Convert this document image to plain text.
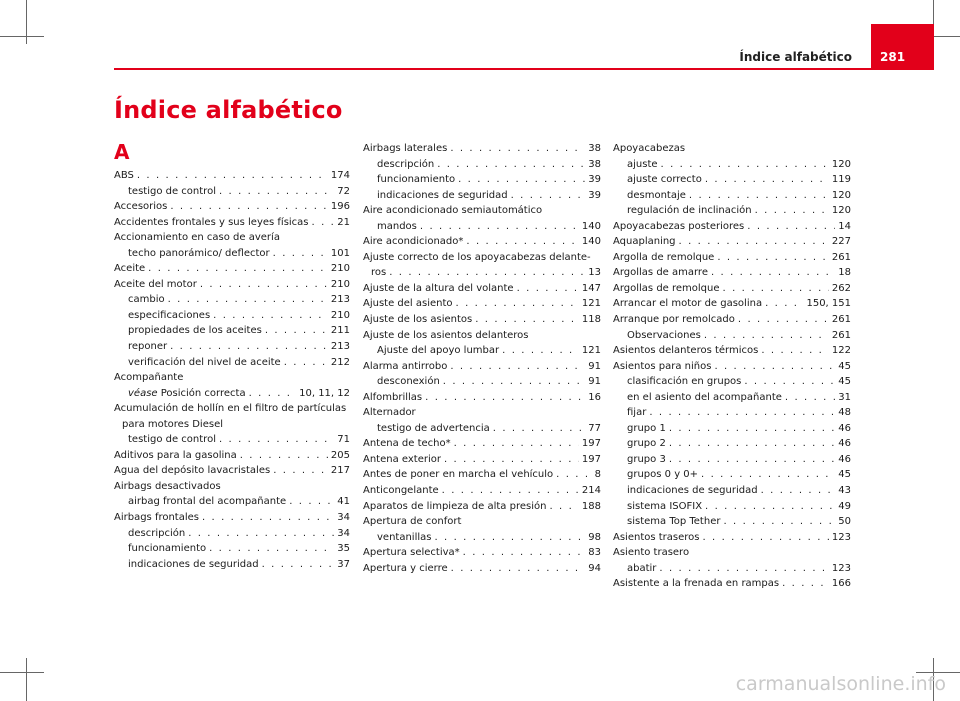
Índice alfabético 281
Índice alfabético
A
ABS . . .	174
testigo de control . . .	72
Accesorios . . .	196
Accidentes frontales y sus leyes físicas . . .	21
Accionamiento en caso de avería
techo panorámico/ deflector . . .	101
Aceite . . .	210
Aceite del motor . . .	210
cambio . . .	213
especificaciones . . .	210
propiedades de los aceites . . .	211
reponer . . .	213
verificación del nivel de aceite . . .	212
Acompañante
véase Posición correcta . . .	10, 11, 12
Acumulación de hollín en el filtro de partículas
para motores Diesel
testigo de control . . .	71
Aditivos para la gasolina . . .	205
Agua del depósito lavacristales . . .	217
Airbags desactivados
airbag frontal del acompañante . . .	41
Airbags frontales . . .	34
descripción . . .	34
funcionamiento . . .	35
indicaciones de seguridad . . .	37
Airbags laterales . . .	38
descripción . . .	38
funcionamiento . . .	39
indicaciones de seguridad . . .	39
Aire acondicionado semiautomático
mandos . . .	140
Aire acondicionado* . . .	140
Ajuste correcto de los apoyacabezas delante-
ros . . .	13
Ajuste de la altura del volante . . .	147
Ajuste del asiento . . .	121
Ajuste de los asientos . . .	118
Ajuste de los asientos delanteros
Ajuste del apoyo lumbar . . .	121
Alarma antirrobo . . .	91
desconexión . . .	91
Alfombrillas . . .	16
Alternador
testigo de advertencia . . .	77
Antena de techo* . . .	197
Antena exterior . . .	197
Antes de poner en marcha el vehículo . . .	8
Anticongelante . . .	214
Aparatos de limpieza de alta presión . . .	188
Apertura de confort
ventanillas . . .	98
Apertura selectiva* . . .	83
Apertura y cierre . . .	94
Apoyacabezas
ajuste . . .	120
ajuste correcto . . .	119
desmontaje . . .	120
regulación de inclinación . . .	120
Apoyacabezas posteriores . . .	14
Aquaplaning . . .	227
Argolla de remolque . . .	261
Argollas de amarre . . .	18
Argollas de remolque . . .	262
Arrancar el motor de gasolina . . .	150, 151
Arranque por remolcado . . .	261
Observaciones . . .	261
Asientos delanteros térmicos . . .	122
Asientos para niños . . .	45
clasificación en grupos . . .	45
en el asiento del acompañante . . .	31
fijar . . .	48
grupo 1 . . .	46
grupo 2 . . .	46
grupo 3 . . .	46
grupos 0 y 0+ . . .	45
indicaciones de seguridad . . .	43
sistema ISOFIX . . .	49
sistema Top Tether . . .	50
Asientos traseros . . .	123
Asiento trasero
abatir . . .	123
Asistente a la frenada en rampas . . .	166
carmanualsonline.info
